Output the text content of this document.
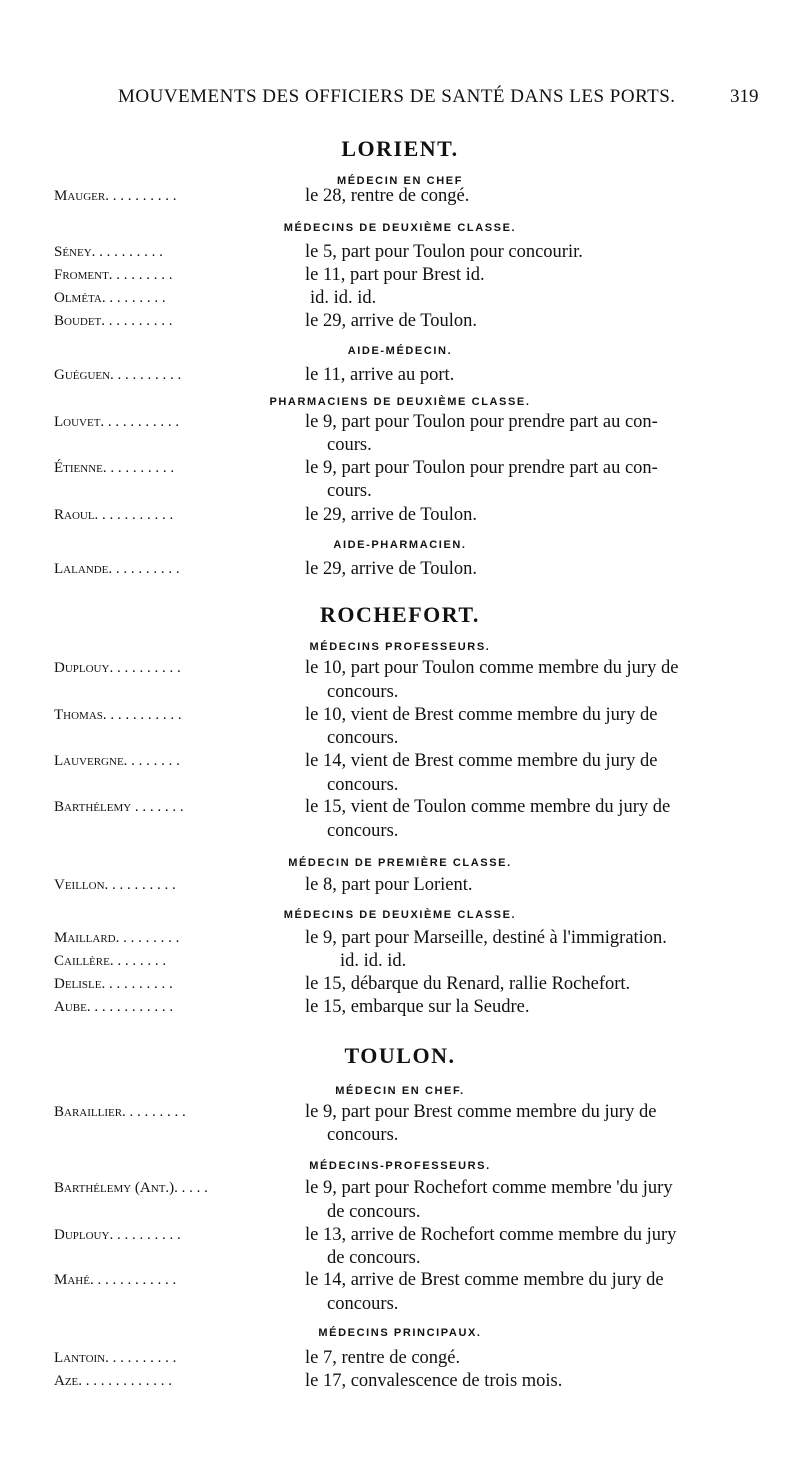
MOUVEMENTS DES OFFICIERS DE SANTÉ DANS LES PORTS.	319
LORIENT.
MÉDECIN EN CHEF
Mauger. . . . . . . . . .	le 28, rentre de congé.
MÉDECINS DE DEUXIÈME CLASSE.
Séney. . . . . . . . . .	le 5, part pour Toulon pour concourir.
Froment. . . . . . . . .	le 11, part pour Brest id.
Olméta. . . . . . . . .	id. id. id.
Boudet. . . . . . . . . .	le 29, arrive de Toulon.
AIDE-MÉDECIN.
Guéguen. . . . . . . . . .	le 11, arrive au port.
PHARMACIENS DE DEUXIÈME CLASSE.
Louvet. . . . . . . . . . .	le 9, part pour Toulon pour prendre part au con-
cours.
Étienne. . . . . . . . . .	le 9, part pour Toulon pour prendre part au con-
cours.
Raoul. . . . . . . . . . .	le 29, arrive de Toulon.
AIDE-PHARMACIEN.
Lalande. . . . . . . . . .	le 29, arrive de Toulon.
ROCHEFORT.
MÉDECINS PROFESSEURS.
Duplouy. . . . . . . . . .	le 10, part pour Toulon comme membre du jury de
concours.
Thomas. . . . . . . . . . .	le 10, vient de Brest comme membre du jury de
concours.
Lauvergne. . . . . . . .	le 14, vient de Brest comme membre du jury de
concours.
Barthélemy . . . . . . .	le 15, vient de Toulon comme membre du jury de
concours.
MÉDECIN DE PREMIÈRE CLASSE.
Veillon. . . . . . . . . .	le 8, part pour Lorient.
MÉDECINS DE DEUXIÈME CLASSE.
Maillard. . . . . . . . .	le 9, part pour Marseille, destiné à l'immigration.
Caillère. . . . . . . .	id. id. id.
Delisle. . . . . . . . . .	le 15, débarque du Renard, rallie Rochefort.
Aube. . . . . . . . . . . .	le 15, embarque sur la Seudre.
TOULON.
MÉDECIN EN CHEF.
Baraillier. . . . . . . . .	le 9, part pour Brest comme membre du jury de
concours.
MÉDECINS-PROFESSEURS.
Barthélemy (Ant.). . . . .	le 9, part pour Rochefort comme membre 'du jury
de concours.
Duplouy. . . . . . . . . .	le 13, arrive de Rochefort comme membre du jury
de concours.
Mahé. . . . . . . . . . . .	le 14, arrive de Brest comme membre du jury de
concours.
MÉDECINS PRINCIPAUX.
Lantoin. . . . . . . . . .	le 7, rentre de congé.
Aze. . . . . . . . . . . . .	le 17, convalescence de trois mois.
